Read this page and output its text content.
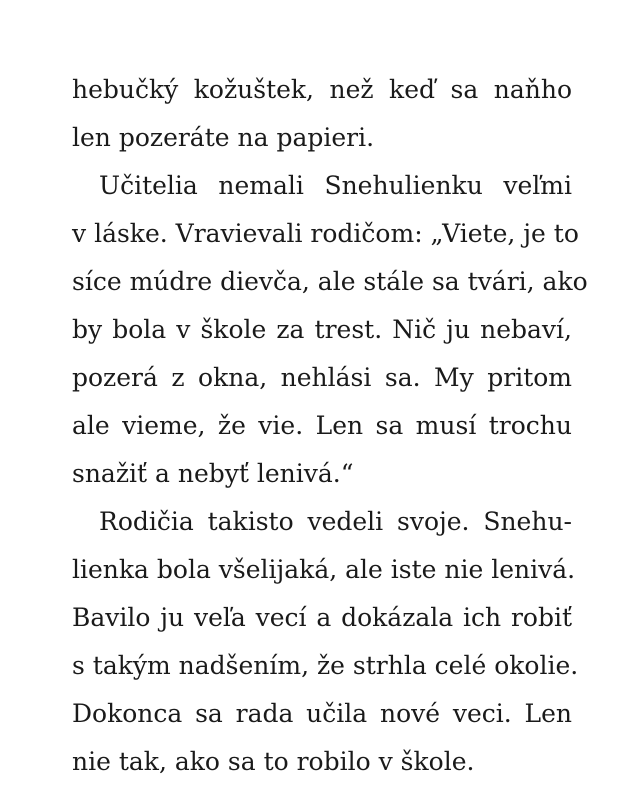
hebučký kožuštek, než keď sa naňho
len pozeráte na papieri.
Učitelia nemali Snehulienku veľmi
v láske. Vravievali rodičom: „Viete, je to
síce múdre dievča, ale stále sa tvári, ako
by bola v škole za trest. Nič ju nebaví,
pozerá z okna, nehlási sa. My pritom
ale vieme, že vie. Len sa musí trochu
snažiť a nebyť lenivá.“
Rodičia takisto vedeli svoje. Snehu-
lienka bola všelijaká, ale iste nie lenivá.
Bavilo ju veľa vecí a dokázala ich robiť
s takým nadšením, že strhla celé okolie.
Dokonca sa rada učila nové veci. Len
nie tak, ako sa to robilo v škole.
